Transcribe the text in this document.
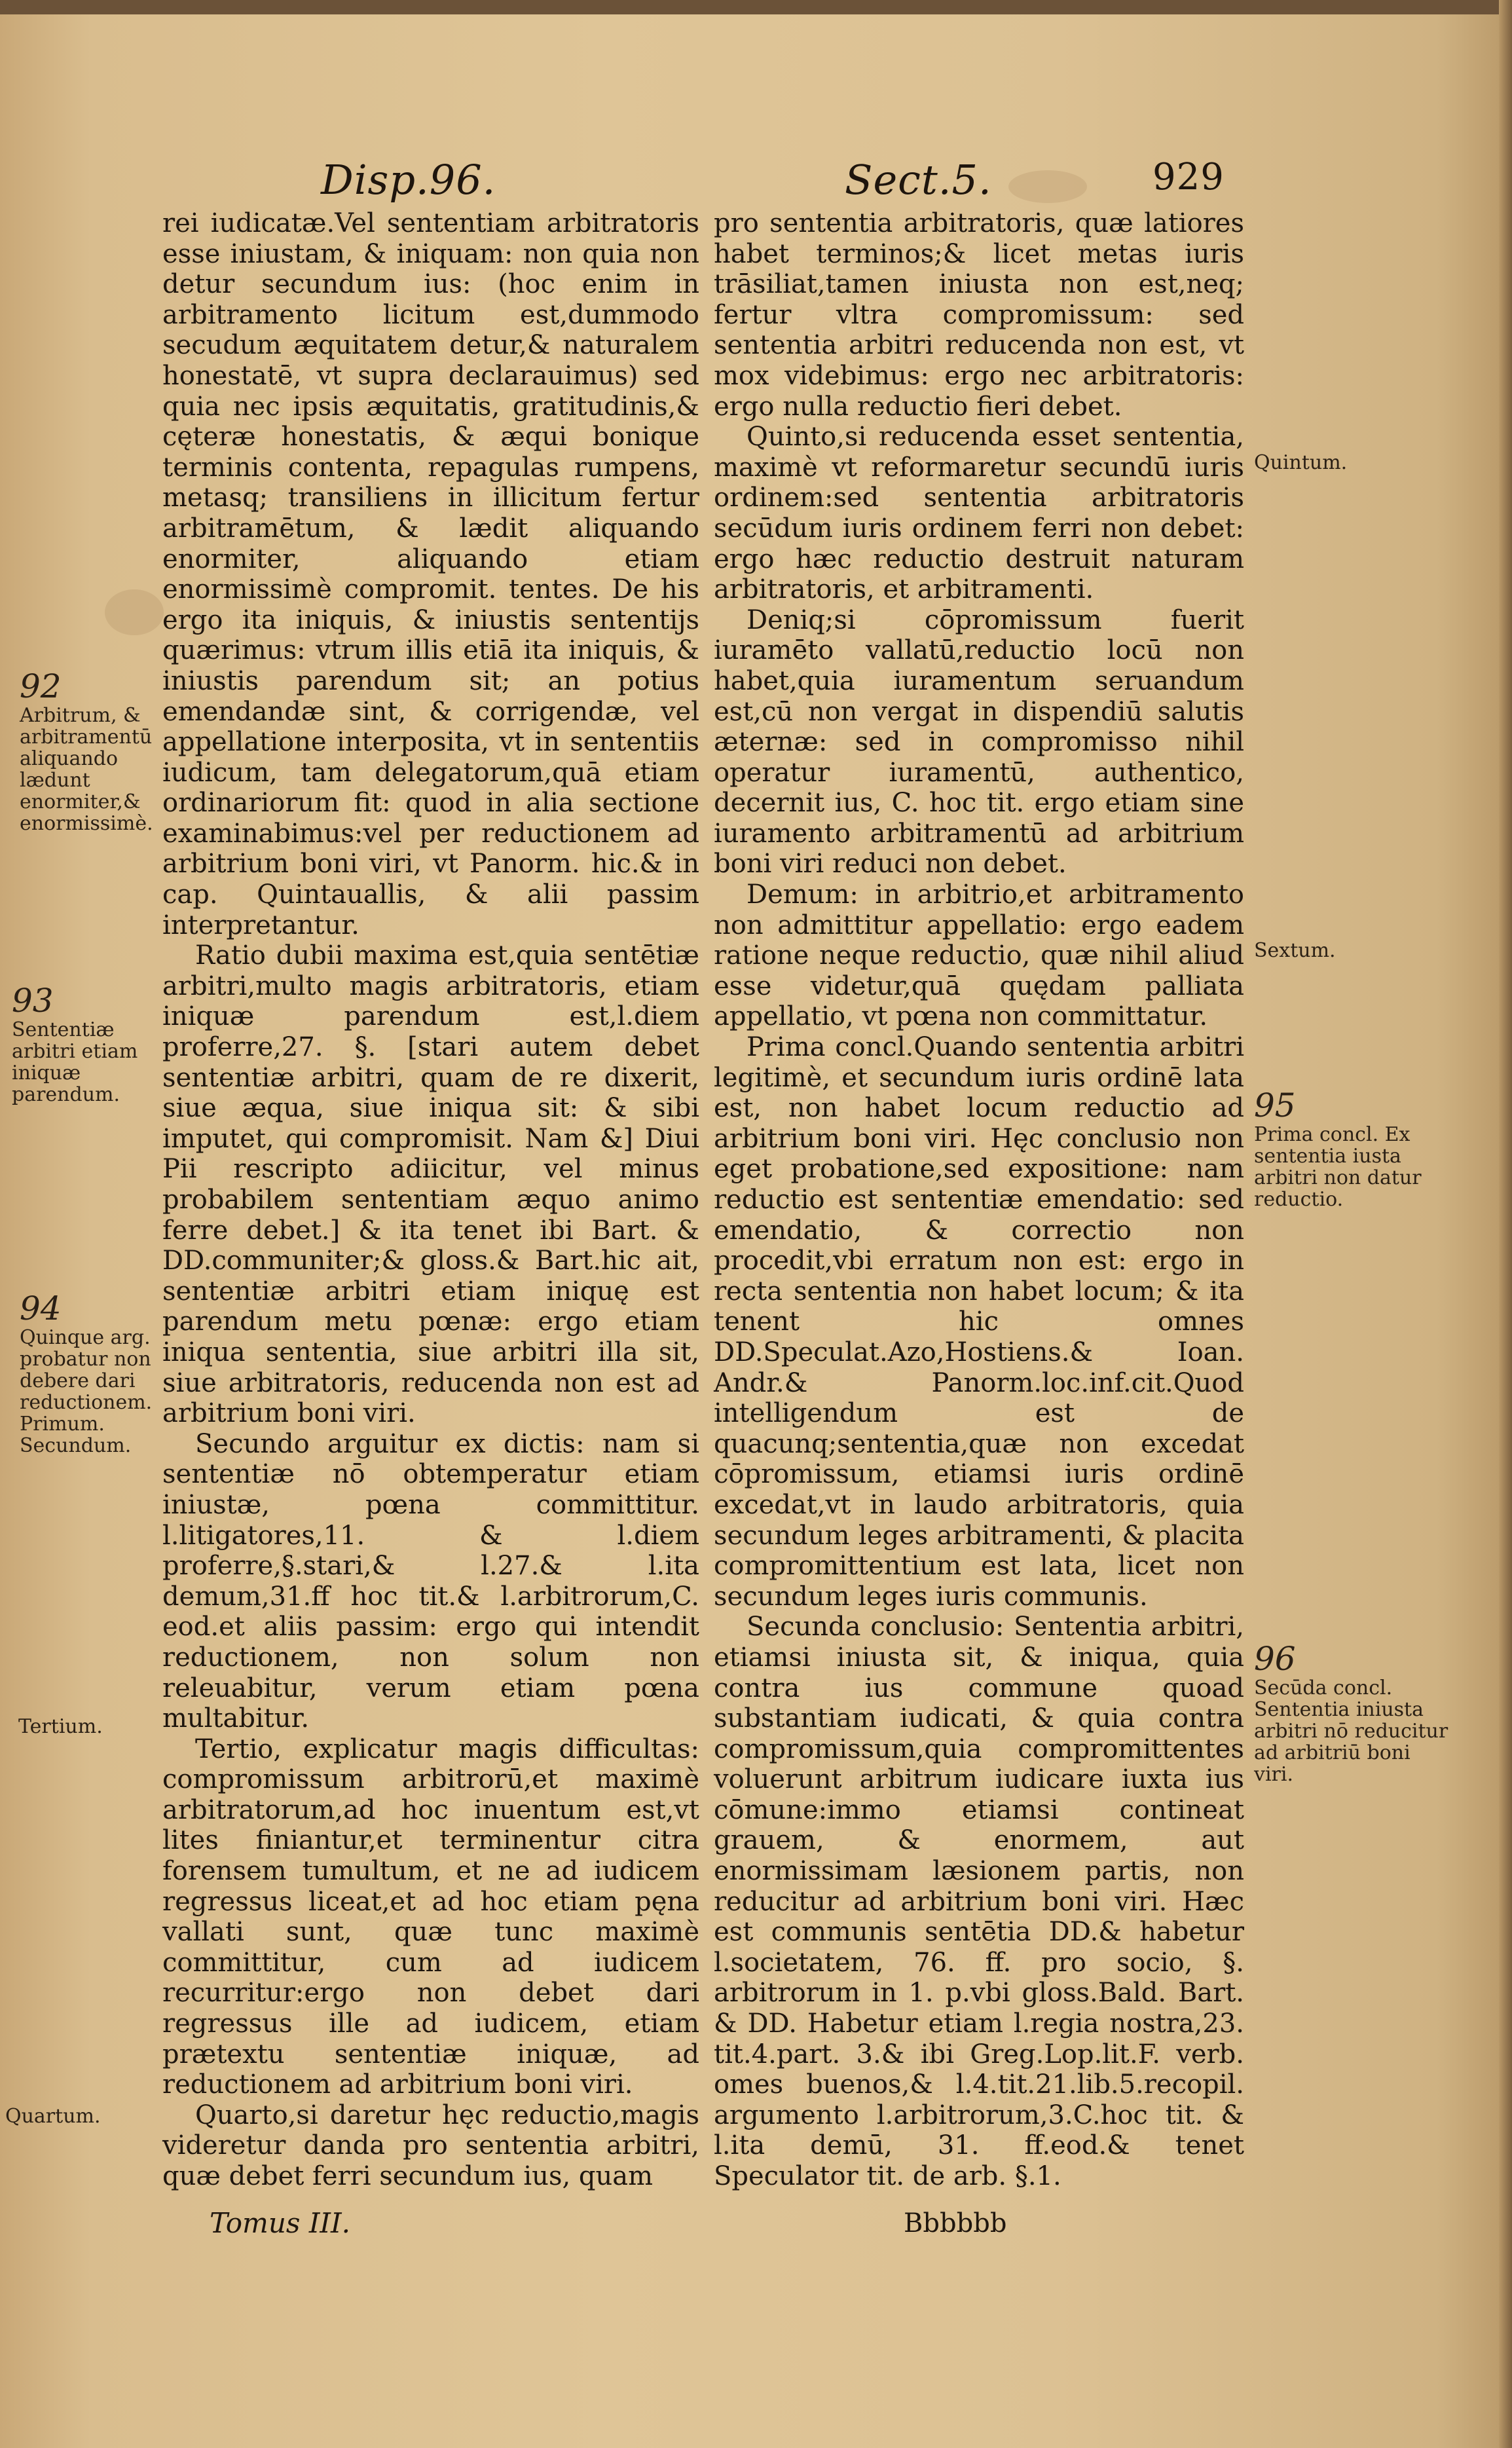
Disp.96.	Sect.5.	929

rei iudicatæ.Vel sententiam arbitratoris esse iniustam, & iniquam: non quia non detur secundum ius: (hoc enim in arbitramento licitum est,dummodo secudum æquitatem detur,& naturalem honestatē, vt supra declarauimus) sed quia nec ipsis æquitatis, gratitudinis,& cęteræ honestatis, & æqui bonique terminis contenta, repagulas rumpens, metasq; transiliens in illicitum fertur arbitramētum, & lædit aliquando enormiter, aliquando etiam enormissimè compromit. tentes. De his ergo ita iniquis, & iniustis sententijs quærimus: vtrum illis etiā ita iniquis, & iniustis parendum sit; an potius emendandæ sint, & corrigendæ, vel appellatione interposita, vt in sententiis iudicum, tam delegatorum,quā etiam ordinariorum fit: quod in alia sectione examinabimus:vel per reductionem ad arbitrium boni viri, vt Panorm. hic.& in cap. Quintauallis, & alii passim interpretantur.

Ratio dubii maxima est,quia sentētiæ arbitri,multo magis arbitratoris, etiam iniquæ parendum est,l.diem proferre,27. §. [stari autem debet sententiæ arbitri, quam de re dixerit, siue æqua, siue iniqua sit: & sibi imputet, qui compromisit. Nam &] Diui Pii rescripto adiicitur, vel minus probabilem sententiam æquo animo ferre debet.] & ita tenet ibi Bart. & DD.communiter;& gloss.& Bart.hic ait, sententiæ arbitri etiam iniquę est parendum metu pœnæ: ergo etiam iniqua sententia, siue arbitri illa sit, siue arbitratoris, reducenda non est ad arbitrium boni viri.

Secundo arguitur ex dictis: nam si sententiæ nō obtemperatur etiam iniustæ, pœna committitur. l.litigatores,11. & l.diem proferre,§.stari,& l.27.& l.ita demum,31.ff hoc tit.& l.arbitrorum,C. eod.et aliis passim: ergo qui intendit reductionem, non solum non releuabitur, verum etiam pœna multabitur.

Tertio, explicatur magis difficultas: compromissum arbitrorū,et maximè arbitratorum,ad hoc inuentum est,vt lites finiantur,et terminentur citra forensem tumultum, et ne ad iudicem regressus liceat,et ad hoc etiam pęna vallati sunt, quæ tunc maximè committitur, cum ad iudicem recurritur:ergo non debet dari regressus ille ad iudicem, etiam prætextu sententiæ iniquæ, ad reductionem ad arbitrium boni viri.

Quarto,si daretur hęc reductio,magis videretur danda pro sententia arbitri, quæ debet ferri secundum ius, quam

pro sententia arbitratoris, quæ latiores habet terminos;& licet metas iuris trāsiliat,tamen iniusta non est,neq; fertur vltra compromissum: sed sententia arbitri reducenda non est, vt mox videbimus: ergo nec arbitratoris: ergo nulla reductio fieri debet.

Quinto,si reducenda esset sententia, maximè vt reformaretur secundū iuris ordinem:sed sententia arbitratoris secūdum iuris ordinem ferri non debet: ergo hæc reductio destruit naturam arbitratoris, et arbitramenti.

Deniq;si cōpromissum fuerit iuramēto vallatū,reductio locū non habet,quia iuramentum seruandum est,cū non vergat in dispendiū salutis æternæ: sed in compromisso nihil operatur iuramentū, authentico, decernit ius, C. hoc tit. ergo etiam sine iuramento arbitramentū ad arbitrium boni viri reduci non debet.

Demum: in arbitrio,et arbitramento non admittitur appellatio: ergo eadem ratione neque reductio, quæ nihil aliud esse videtur,quā quędam palliata appellatio, vt pœna non committatur.

Prima concl.Quando sententia arbitri legitimè, et secundum iuris ordinē lata est, non habet locum reductio ad arbitrium boni viri. Hęc conclusio non eget probatione,sed expositione: nam reductio est sententiæ emendatio: sed emendatio, & correctio non procedit,vbi erratum non est: ergo in recta sententia non habet locum; & ita tenent hic omnes DD.Speculat.Azo,Hostiens.& Ioan. Andr.& Panorm.loc.inf.cit.Quod intelligendum est de quacunq;sententia,quæ non excedat cōpromissum, etiamsi iuris ordinē excedat,vt in laudo arbitratoris, quia secundum leges arbitramenti, & placita compromittentium est lata, licet non secundum leges iuris communis.

Secunda conclusio: Sententia arbitri, etiamsi iniusta sit, & iniqua, quia contra ius commune quoad substantiam iudicati, & quia contra compromissum,quia compromittentes voluerunt arbitrum iudicare iuxta ius cōmune:immo etiamsi contineat grauem, & enormem, aut enormissimam læsionem partis, non reducitur ad arbitrium boni viri. Hæc est communis sentētia DD.& habetur l.societatem, 76. ff. pro socio, §. arbitrorum in 1. p.vbi gloss.Bald. Bart. & DD. Habetur etiam l.regia nostra,23. tit.4.part. 3.& ibi Greg.Lop.lit.F. verb. omes buenos,& l.4.tit.21.lib.5.recopil. argumento l.arbitrorum,3.C.hoc tit. & l.ita demū, 31. ff.eod.& tenet Speculator tit. de arb. §.1.

92
Arbitrum, & arbitramentū aliquando lædunt enormiter,& enormissimè.
93
Sententiæ arbitri etiam iniquæ parendum.
94
Quinque arg. probatur non debere dari reductionem. Primum. Secundum.
Tertium.
Quartum.
Quintum.
Sextum.
95
Prima concl. Ex sententia iusta arbitri non datur reductio.
96
Secūda concl. Sententia iniusta arbitri nō reducitur ad arbitriū boni viri.
Tomus III.	Bbbbbb
